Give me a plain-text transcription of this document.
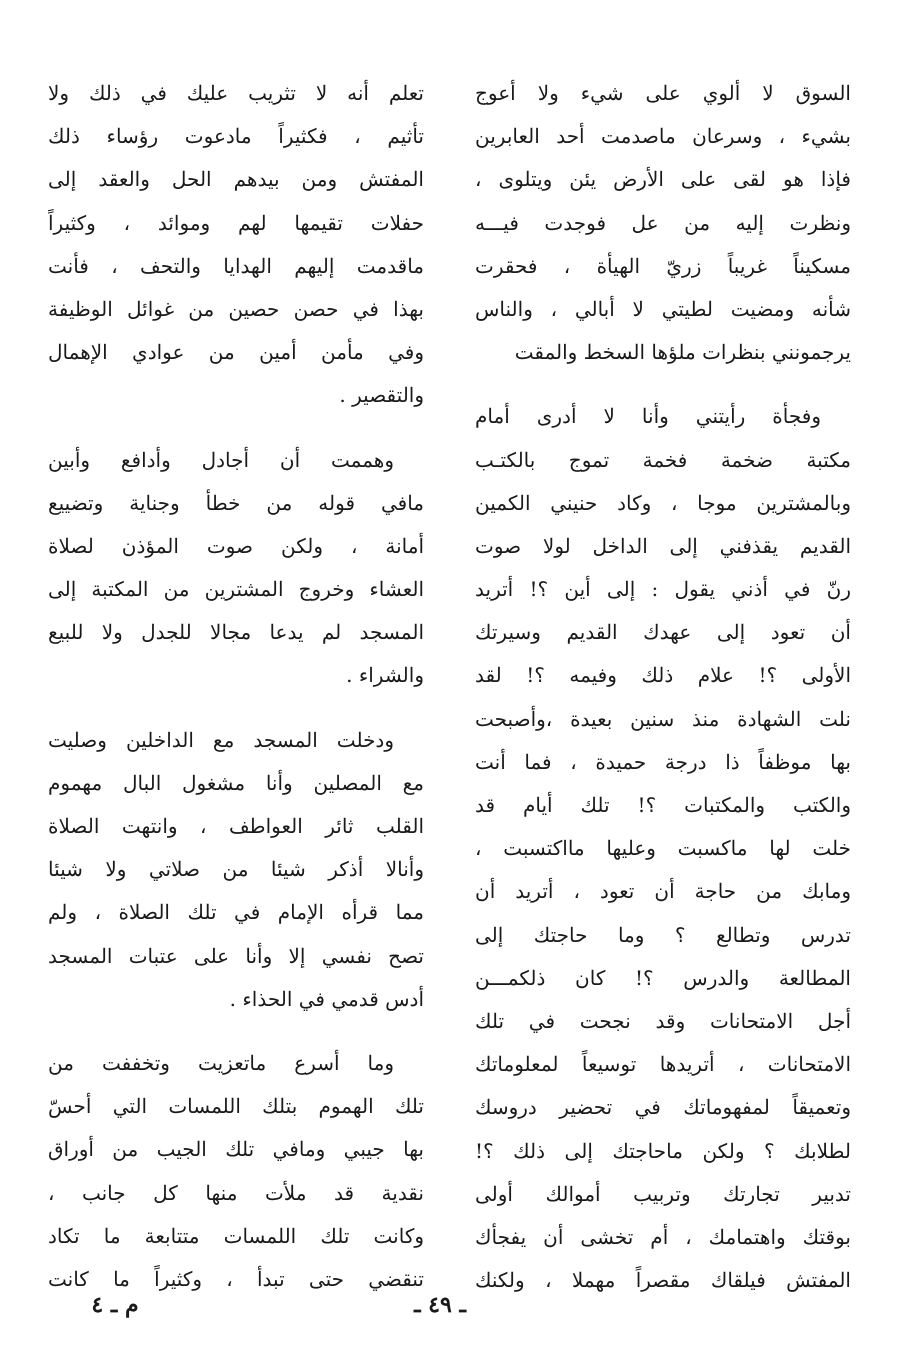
السوق لا ألوي على شيء ولا أعوج
بشيء ، وسرعان ماصدمت أحد العابرين
فإذا هو لقى على الأرض يئن ويتلوى ،
ونظرت إليه من عل فوجدت فيـــه
مسكيناً غريباً زريّ الهيأة ، فحقرت
شأنه ومضيت لطيتي لا أبالي ، والناس
يرجمونني بنظرات ملؤها السخط والمقت
وفجأة رأيتني وأنا لا أدرى أمام
مكتبة ضخمة فخمة تموج بالكتـب
وبالمشترين موجا ، وكاد حنيني الكمين
القديم يقذفني إلى الداخل لولا صوت
رنّ في أذني يقول : إلى أين ؟! أتريد
أن تعود إلى عهدك القديم وسيرتك
الأولى ؟! علام ذلك وفيمه ؟! لقد
نلت الشهادة منذ سنين بعيدة ،وأصبحت
بها موظفاً ذا درجة حميدة ، فما أنت
والكتب والمكتبات ؟! تلك أيام قد
خلت لها ماكسبت وعليها مااكتسبت ،
ومابك من حاجة أن تعود ، أتريد أن
تدرس وتطالع ؟ وما حاجتك إلى
المطالعة والدرس ؟! كان ذلكمـــن
أجل الامتحانات وقد نجحت في تلك
الامتحانات ، أتريدها توسيعاً لمعلوماتك
وتعميقاً لمفهوماتك في تحضير دروسك
لطلابك ؟ ولكن ماحاجتك إلى ذلك ؟!
تدبير تجارتك وتربيب أموالك أولى
بوقتك واهتمامك ، أم تخشى أن يفجأك
المفتش فيلقاك مقصراً مهملا ، ولكنك
تعلم أنه لا تثريب عليك في ذلك ولا
تأثيم ، فكثيراً مادعوت رؤساء ذلك
المفتش ومن بيدهم الحل والعقد إلى
حفلات تقيمها لهم وموائد ، وكثيراً
ماقدمت إليهم الهدايا والتحف ، فأنت
بهذا في حصن حصين من غوائل الوظيفة
وفي مأمن أمين من عوادي الإهمال
والتقصير .
وهممت أن أجادل وأدافع وأبين
مافي قوله من خطأ وجناية وتضييع
أمانة ، ولكن صوت المؤذن لصلاة
العشاء وخروج المشترين من المكتبة إلى
المسجد لم يدعا مجالا للجدل ولا للبيع
والشراء .
ودخلت المسجد مع الداخلين وصليت
مع المصلين وأنا مشغول البال مهموم
القلب ثائر العواطف ، وانتهت الصلاة
وأنالا أذكر شيئا من صلاتي ولا شيئا
مما قرأه الإمام في تلك الصلاة ، ولم
تصح نفسي إلا وأنا على عتبات المسجد
أدس قدمي في الحذاء .
وما أسرع ماتعزيت وتخففت من
تلك الهموم بتلك اللمسات التي أحسّ
بها جيبي ومافي تلك الجيب من أوراق
نقدية قد ملأت منها كل جانب ،
وكانت تلك اللمسات متتابعة ما تكاد
تنقضي حتى تبدأ ، وكثيراً ما كانت
ـ ٤٩ ـ
م ـ ٤
